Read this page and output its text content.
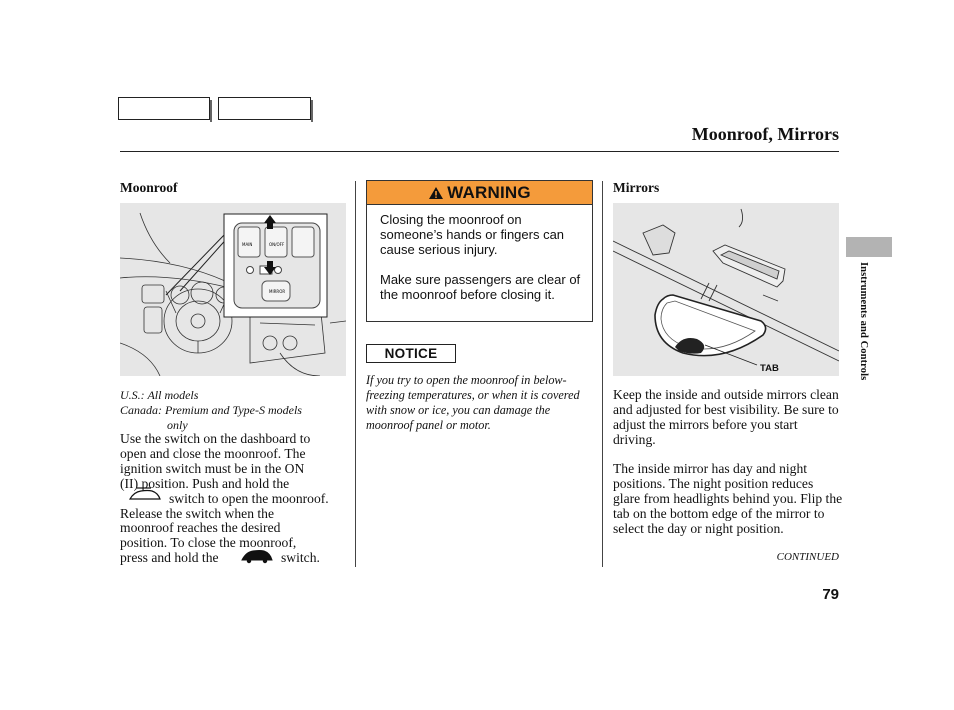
Moonroof, Mirrors
Moonroof
MAIN	ON/OFF
MIRROR
U.S.: All models
Canada: Premium and Type-S models
only
Use the switch on the dashboard to
open and close the moonroof. The
ignition switch must be in the ON
(II) position. Push and hold the
switch to open the moonroof.
Release the switch when the
moonroof reaches the desired
position. To close the moonroof,
press and hold the	switch.
WARNING
Closing the moonroof on someone’s hands or fingers can cause serious injury.
Make sure passengers are clear of the moonroof before closing it.
NOTICE
If you try to open the moonroof in below-freezing temperatures, or when it is covered with snow or ice, you can damage the moonroof panel or motor.
Mirrors
TAB
Keep the inside and outside mirrors clean and adjusted for best visibility. Be sure to adjust the mirrors before you start driving.
The inside mirror has day and night positions. The night position reduces glare from headlights behind you. Flip the tab on the bottom edge of the mirror to select the day or night position.
CONTINUED
79
Instruments and Controls
